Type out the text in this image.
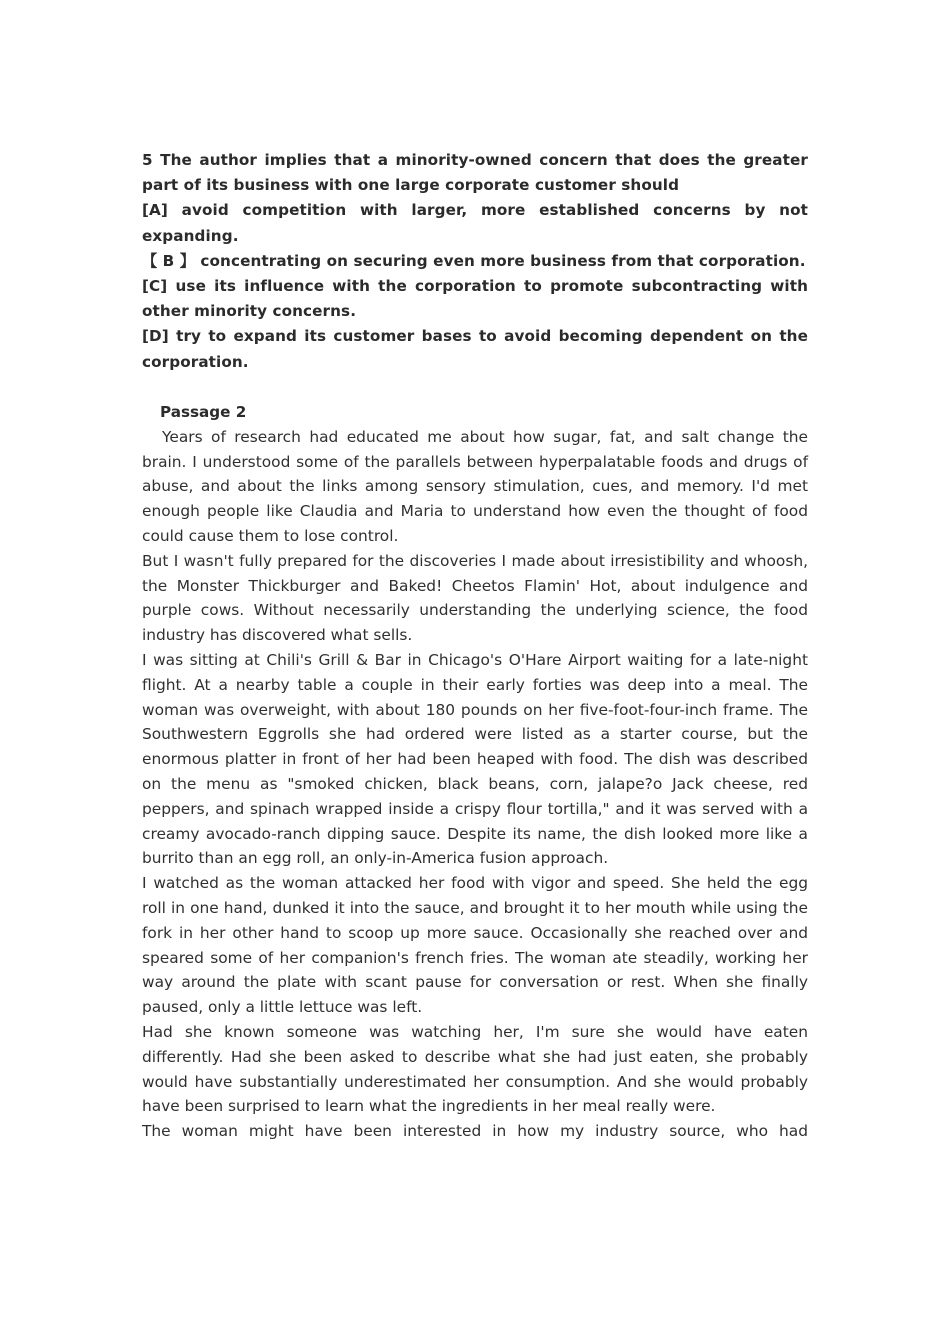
5 The author implies that a minority-owned concern that does the greater part of its business with one large corporate customer should

[A] avoid competition with larger, more established concerns by not expanding.

【 B 】 concentrating on securing even more business from that corporation.

[C] use its influence with the corporation to promote subcontracting with other minority concerns.

[D] try to expand its customer bases to avoid becoming dependent on the corporation.

Passage 2

Years of research had educated me about how sugar, fat, and salt change the brain. I understood some of the parallels between hyperpalatable foods and drugs of abuse, and about the links among sensory stimulation, cues, and memory. I'd met enough people like Claudia and Maria to understand how even the thought of food could cause them to lose control.

But I wasn't fully prepared for the discoveries I made about irresistibility and whoosh, the Monster Thickburger and Baked! Cheetos Flamin' Hot, about indulgence and purple cows. Without necessarily understanding the underlying science, the food industry has discovered what sells.

I was sitting at Chili's Grill & Bar in Chicago's O'Hare Airport waiting for a late-night flight. At a nearby table a couple in their early forties was deep into a meal. The woman was overweight, with about 180 pounds on her five-foot-four-inch frame. The Southwestern Eggrolls she had ordered were listed as a starter course, but the enormous platter in front of her had been heaped with food. The dish was described on the menu as "smoked chicken, black beans, corn, jalape?o Jack cheese, red peppers, and spinach wrapped inside a crispy flour tortilla," and it was served with a creamy avocado-ranch dipping sauce. Despite its name, the dish looked more like a burrito than an egg roll, an only-in-America fusion approach.

I watched as the woman attacked her food with vigor and speed. She held the egg roll in one hand, dunked it into the sauce, and brought it to her mouth while using the fork in her other hand to scoop up more sauce. Occasionally she reached over and speared some of her companion's french fries. The woman ate steadily, working her way around the plate with scant pause for conversation or rest. When she finally paused, only a little lettuce was left.

Had she known someone was watching her, I'm sure she would have eaten differently. Had she been asked to describe what she had just eaten, she probably would have substantially underestimated her consumption. And she would probably have been surprised to learn what the ingredients in her meal really were.

The woman might have been interested in how my industry source, who had
